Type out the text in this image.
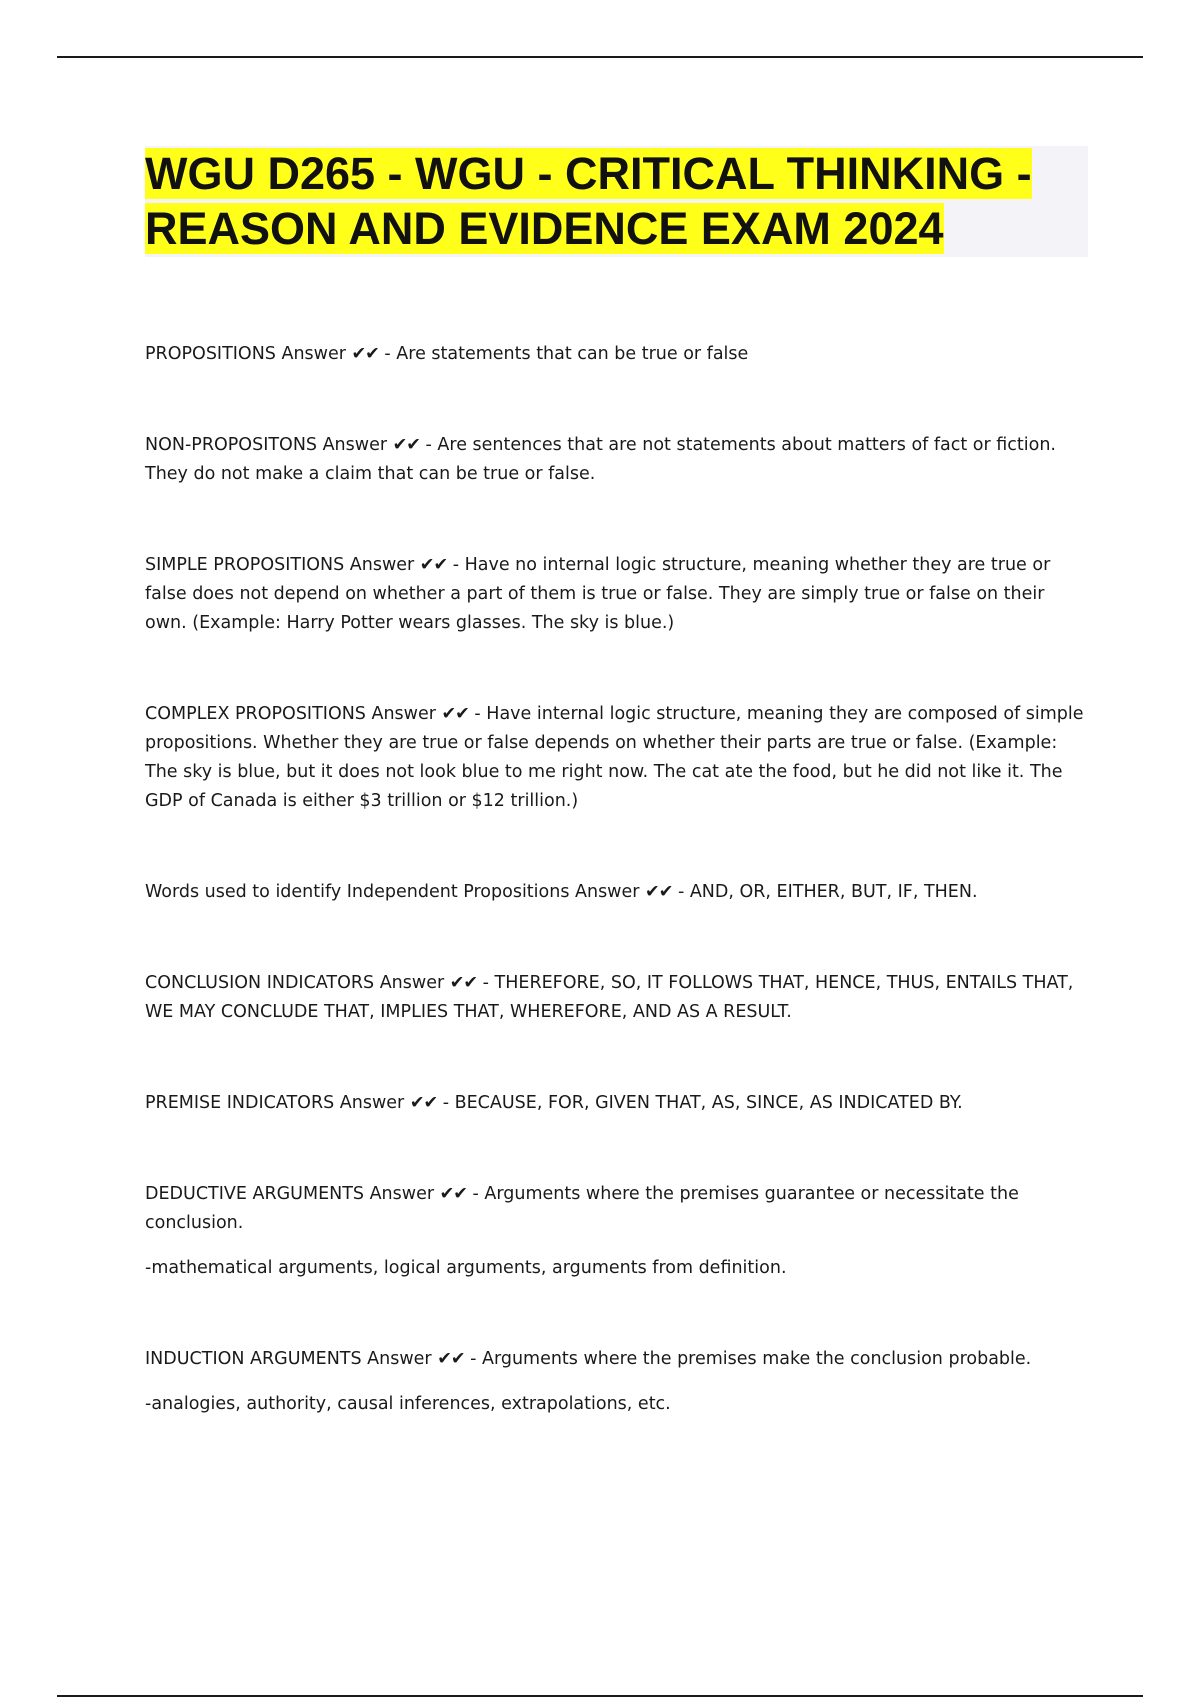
WGU D265 - WGU - CRITICAL THINKING - REASON AND EVIDENCE EXAM 2024

PROPOSITIONS Answer ✔✔ - Are statements that can be true or false

NON-PROPOSITONS Answer ✔✔ - Are sentences that are not statements about matters of fact or fiction. They do not make a claim that can be true or false.

SIMPLE PROPOSITIONS Answer ✔✔ - Have no internal logic structure, meaning whether they are true or false does not depend on whether a part of them is true or false. They are simply true or false on their own. (Example: Harry Potter wears glasses. The sky is blue.)

COMPLEX PROPOSITIONS Answer ✔✔ - Have internal logic structure, meaning they are composed of simple propositions. Whether they are true or false depends on whether their parts are true or false. (Example: The sky is blue, but it does not look blue to me right now. The cat ate the food, but he did not like it. The GDP of Canada is either $3 trillion or $12 trillion.)

Words used to identify Independent Propositions Answer ✔✔ - AND, OR, EITHER, BUT, IF, THEN.

CONCLUSION INDICATORS Answer ✔✔ - THEREFORE, SO, IT FOLLOWS THAT, HENCE, THUS, ENTAILS THAT, WE MAY CONCLUDE THAT, IMPLIES THAT, WHEREFORE, AND AS A RESULT.

PREMISE INDICATORS Answer ✔✔ - BECAUSE, FOR, GIVEN THAT, AS, SINCE, AS INDICATED BY.

DEDUCTIVE ARGUMENTS Answer ✔✔ - Arguments where the premises guarantee or necessitate the conclusion.

-mathematical arguments, logical arguments, arguments from definition.

INDUCTION ARGUMENTS Answer ✔✔ - Arguments where the premises make the conclusion probable.

-analogies, authority, causal inferences, extrapolations, etc.
